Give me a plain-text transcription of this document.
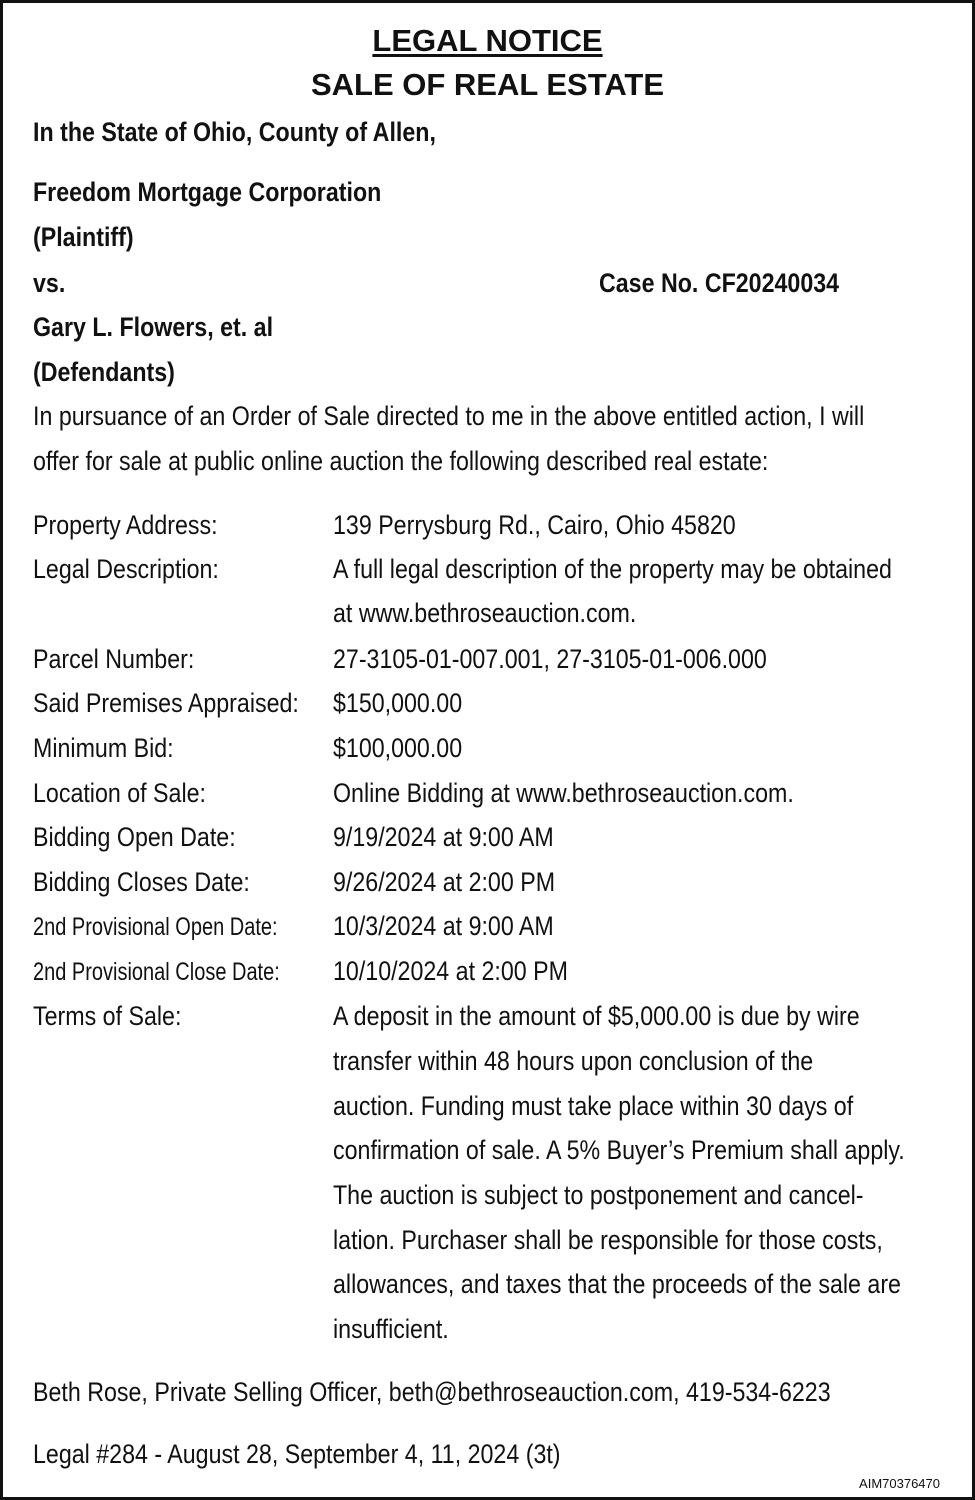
LEGAL NOTICE
SALE OF REAL ESTATE
In the State of Ohio, County of Allen,
Freedom Mortgage Corporation
(Plaintiff)
vs.	Case No. CF20240034
Gary L. Flowers, et. al
(Defendants)
In pursuance of an Order of Sale directed to me in the above entitled action, I will
offer for sale at public online auction the following described real estate:
Property Address:	139 Perrysburg Rd., Cairo, Ohio 45820
Legal Description:	A full legal description of the property may be obtained
at www.bethroseauction.com.
Parcel Number:	27-3105-01-007.001, 27-3105-01-006.000
Said Premises Appraised: $150,000.00
Minimum Bid:	$100,000.00
Location of Sale:	Online Bidding at www.bethroseauction.com.
Bidding Open Date:	9/19/2024 at 9:00 AM
Bidding Closes Date:	9/26/2024 at 2:00 PM
2nd Provisional Open Date: 10/3/2024 at 9:00 AM
2nd Provisional Close Date: 10/10/2024 at 2:00 PM
Terms of Sale:	A deposit in the amount of $5,000.00 is due by wire
transfer within 48 hours upon conclusion of the
auction. Funding must take place within 30 days of
confirmation of sale. A 5% Buyer’s Premium shall apply.
The auction is subject to postponement and cancel-
lation. Purchaser shall be responsible for those costs,
allowances, and taxes that the proceeds of the sale are
insufficient.
Beth Rose, Private Selling Officer, beth@bethroseauction.com, 419-534-6223
Legal #284 - August 28, September 4, 11, 2024 (3t)
AIM70376470
